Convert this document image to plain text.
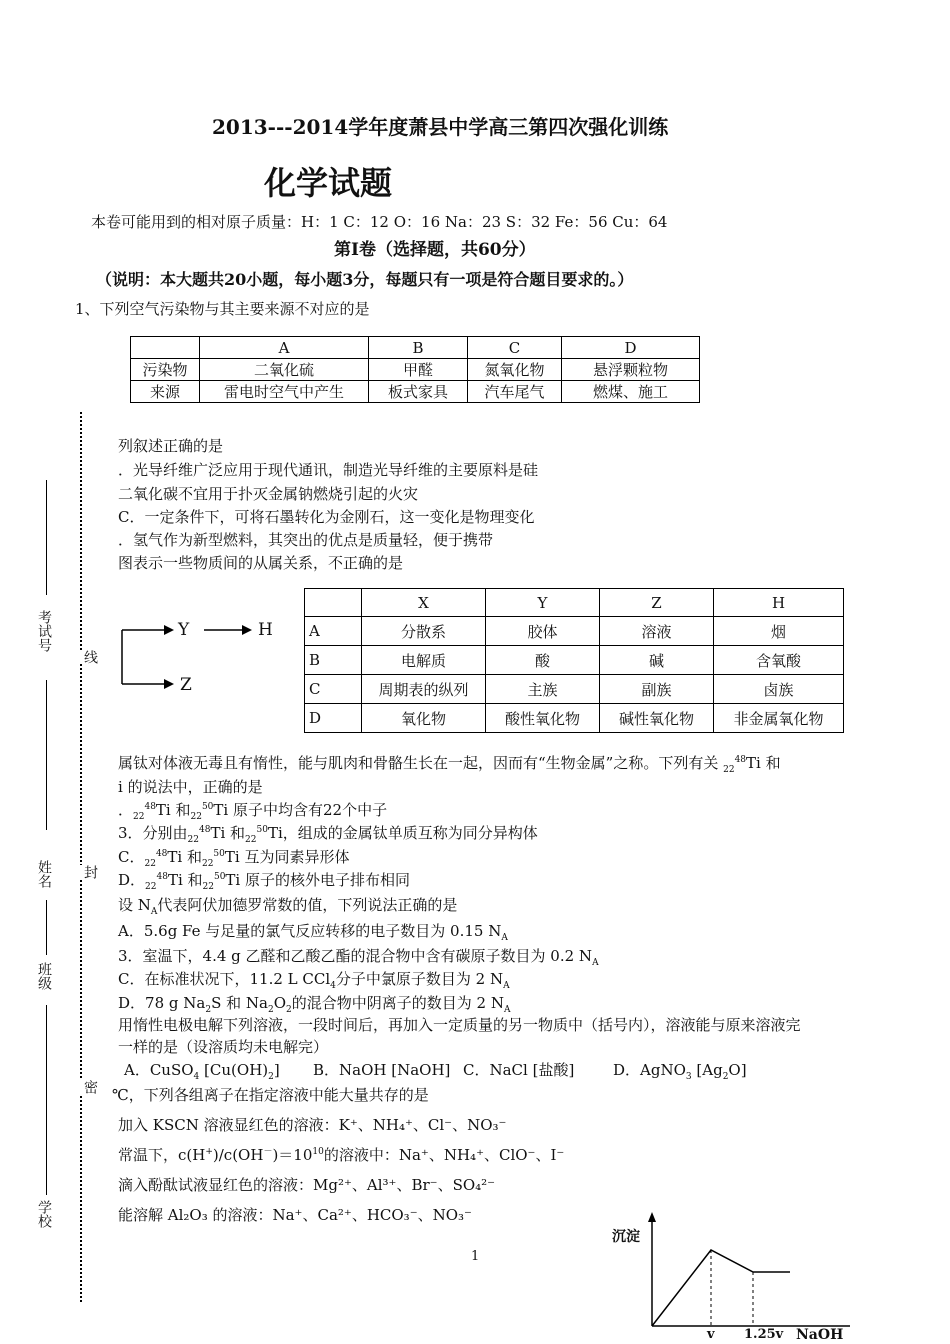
2013---2014学年度萧县中学高三第四次强化训练
化学试题
本卷可能用到的相对原子质量：H：1 C：12 O：16 Na：23 S：32 Fe：56 Cu：64
第I卷（选择题，共60分）
（说明：本大题共20小题，每小题3分，每题只有一项是符合题目要求的。）
考试号
姓名
班级
学校
线
封
密
1、下列空气污染物与其主要来源不对应的是
	A	B	C	D
污染物	二氧化硫	甲醛	氮氧化物	悬浮颗粒物
来源	雷电时空气中产生	板式家具	汽车尾气	燃煤、施工
列叙述正确的是
．光导纤维广泛应用于现代通讯，制造光导纤维的主要原料是硅
二氧化碳不宜用于扑灭金属钠燃烧引起的火灾
C．一定条件下，可将石墨转化为金刚石，这一变化是物理变化
．氢气作为新型燃料，其突出的优点是质量轻，便于携带
图表示一些物质间的从属关系，不正确的是
Y	H
Z
	X	Y	Z	H
A	分散系	胶体	溶液	烟
B	电解质	酸	碱	含氧酸
C	周期表的纵列	主族	副族	卤族
D	氧化物	酸性氧化物	碱性氧化物	非金属氧化物
属钛对体液无毒且有惰性，能与肌肉和骨骼生长在一起，因而有“生物金属”之称。下列有关 $_{22}^{48}$Ti 和
i 的说法中，正确的是
．$_{22}^{48}$Ti 和$_{22}^{50}$Ti 原子中均含有22个中子
3．分别由$_{22}^{48}$Ti 和$_{22}^{50}$Ti，组成的金属钛单质互称为同分异构体
C．$_{22}^{48}$Ti 和$_{22}^{50}$Ti 互为同素异形体
D．$_{22}^{48}$Ti 和$_{22}^{50}$Ti 原子的核外电子排布相同
设 $N_A$代表阿伏加德罗常数的值，下列说法正确的是
A．5.6g Fe 与足量的氯气反应转移的电子数目为 0.15 $N_A$
3．室温下，4.4 g 乙醛和乙酸乙酯的混合物中含有碳原子数目为 0.2 $N_A$
C．在标准状况下，11.2 L CCl$_4$分子中氯原子数目为 2 $N_A$
D．78 g $Na_2S$ 和 $Na_2O_2$的混合物中阴离子的数目为 2 $N_A$
用惰性电极电解下列溶液，一段时间后，再加入一定质量的另一物质中（括号内），溶液能与原来溶液完
一样的是（设溶质均未电解完）
A．CuSO$_4$ $[Cu(OH)_2]$ B．NaOH [NaOH] C．NaCl [盐酸]	D．AgNO$_3$ $[Ag_2O]$
℃，下列各组离子在指定溶液中能大量共存的是
加入 KSCN 溶液显红色的溶液：K⁺、NH₄⁺、Cl⁻、NO₃⁻
常温下，$c(H^+)/c(OH^-)=10^{10}$的溶液中：Na⁺、NH₄⁺、ClO⁻、I⁻
滴入酚酞试液显红色的溶液：Mg²⁺、Al³⁺、Br⁻、SO₄²⁻
能溶解 Al₂O₃ 的溶液：Na⁺、Ca²⁺、HCO₃⁻、NO₃⁻
沉淀
v 1.25v NaOH
1
